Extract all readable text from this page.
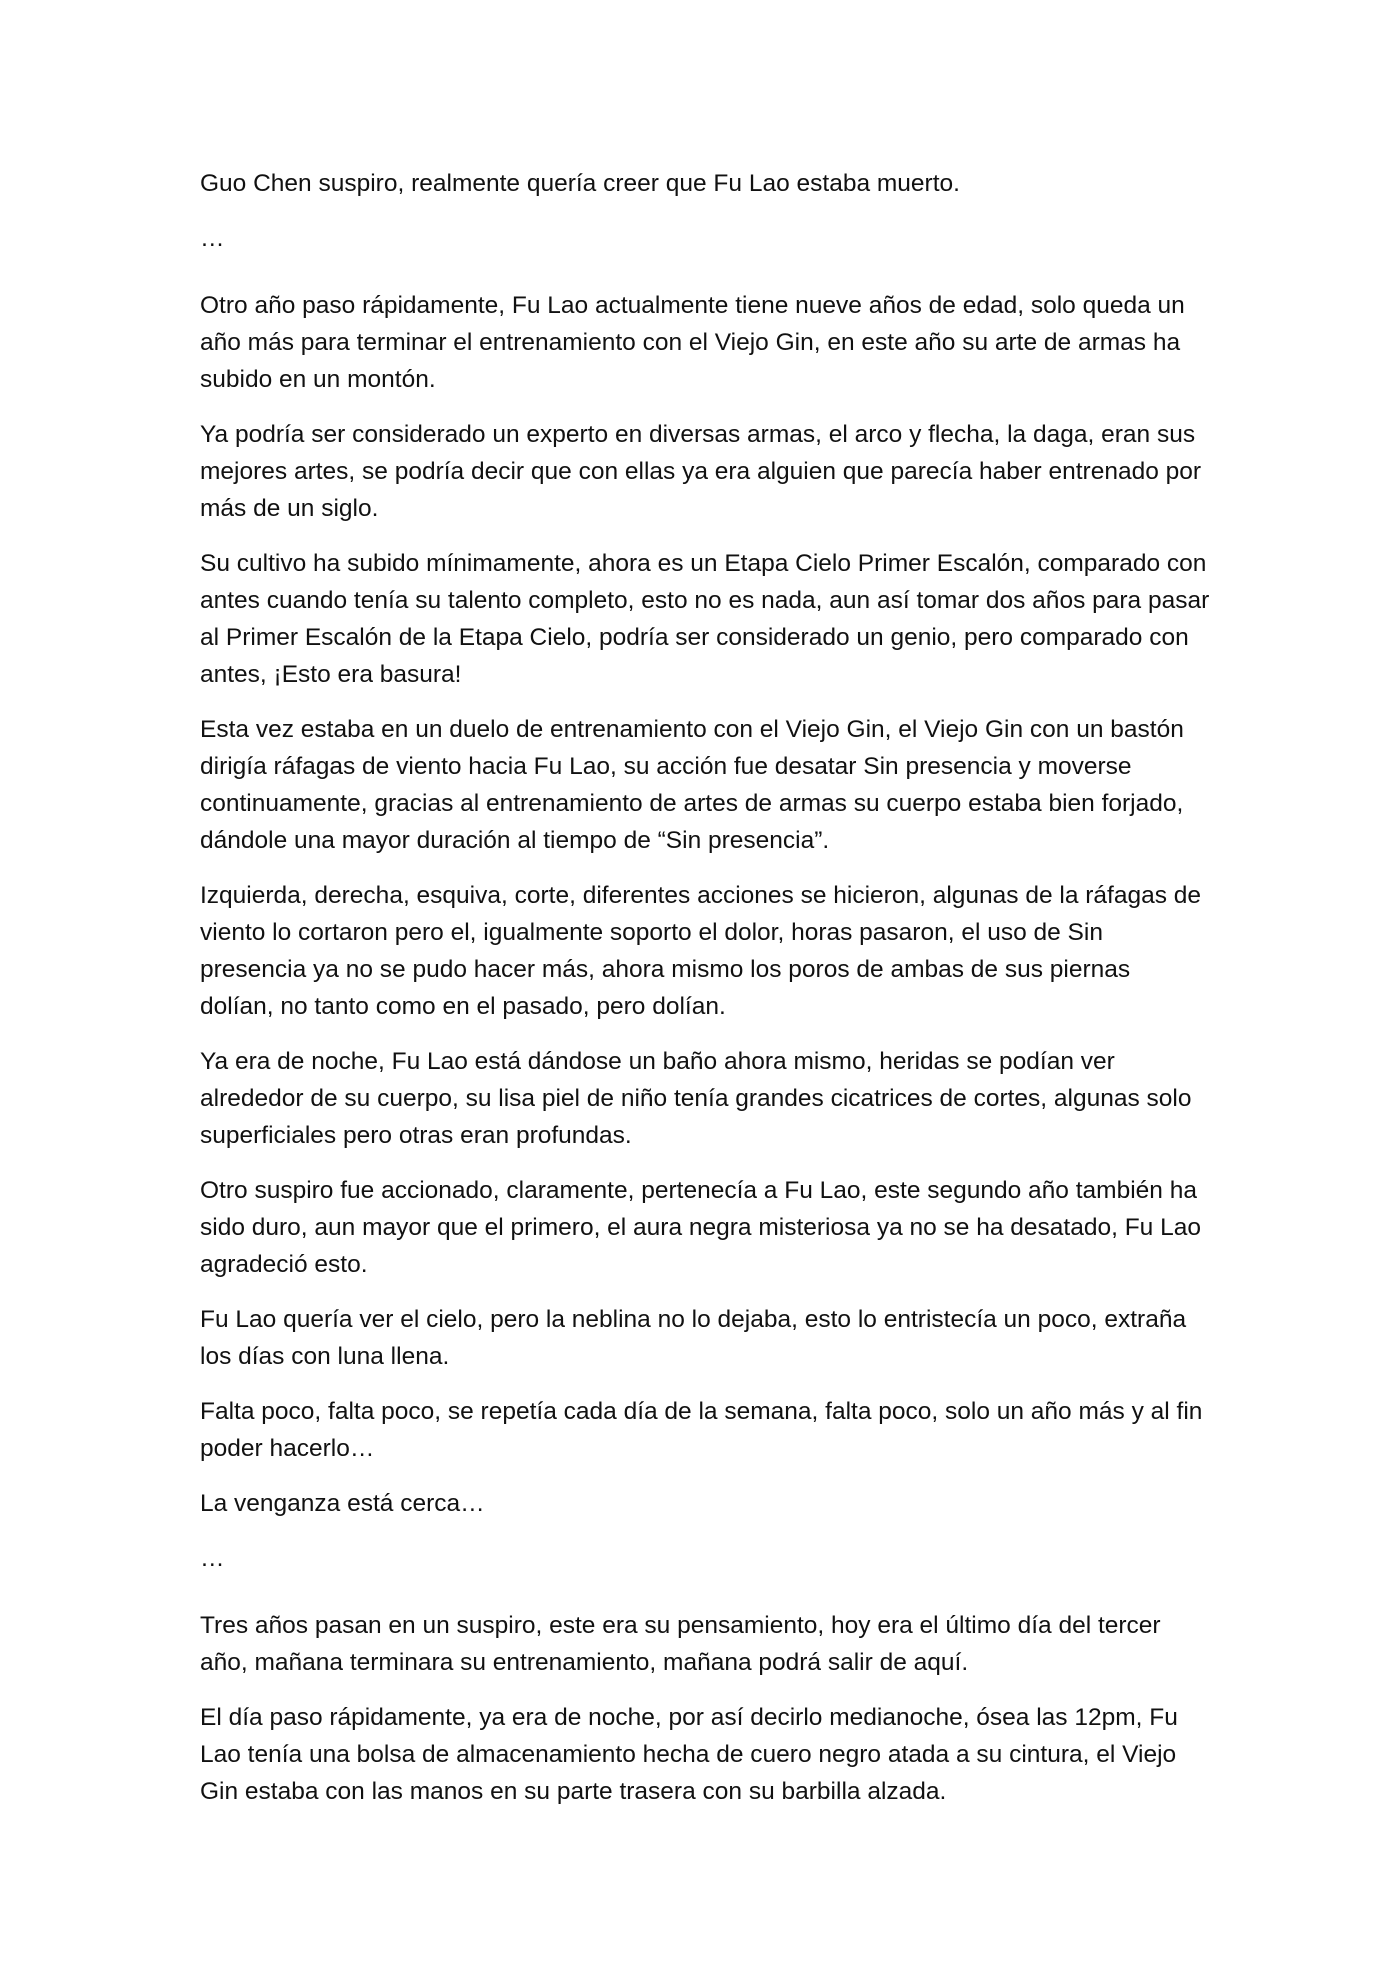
Guo Chen suspiro, realmente quería creer que Fu Lao estaba muerto.

…

Otro año paso rápidamente, Fu Lao actualmente tiene nueve años de edad, solo queda un año más para terminar el entrenamiento con el Viejo Gin, en este año su arte de armas ha subido en un montón.

Ya podría ser considerado un experto en diversas armas, el arco y flecha, la daga, eran sus mejores artes, se podría decir que con ellas ya era alguien que parecía haber entrenado por más de un siglo.

Su cultivo ha subido mínimamente, ahora es un Etapa Cielo Primer Escalón, comparado con antes cuando tenía su talento completo, esto no es nada, aun así tomar dos años para pasar al Primer Escalón de la Etapa Cielo, podría ser considerado un genio, pero comparado con antes, ¡Esto era basura!

Esta vez estaba en un duelo de entrenamiento con el Viejo Gin, el Viejo Gin con un bastón dirigía ráfagas de viento hacia Fu Lao, su acción fue desatar Sin presencia y moverse continuamente, gracias al entrenamiento de artes de armas su cuerpo estaba bien forjado, dándole una mayor duración al tiempo de “Sin presencia”.

Izquierda, derecha, esquiva, corte, diferentes acciones se hicieron, algunas de la ráfagas de viento lo cortaron pero el, igualmente soporto el dolor, horas pasaron, el uso de Sin presencia ya no se pudo hacer más, ahora mismo los poros de ambas de sus piernas dolían, no tanto como en el pasado, pero dolían.

Ya era de noche, Fu Lao está dándose un baño ahora mismo, heridas se podían ver alrededor de su cuerpo, su lisa piel de niño tenía grandes cicatrices de cortes, algunas solo superficiales pero otras eran profundas.

Otro suspiro fue accionado, claramente, pertenecía a Fu Lao, este segundo año también ha sido duro, aun mayor que el primero, el aura negra misteriosa ya no se ha desatado, Fu Lao agradeció esto.

Fu Lao quería ver el cielo, pero la neblina no lo dejaba, esto lo entristecía un poco, extraña los días con luna llena.

Falta poco, falta poco, se repetía cada día de la semana, falta poco, solo un año más y al fin poder hacerlo…

La venganza está cerca…

…

Tres años pasan en un suspiro, este era su pensamiento, hoy era el último día del tercer año, mañana terminara su entrenamiento, mañana podrá salir de aquí.

El día paso rápidamente, ya era de noche, por así decirlo medianoche, ósea las 12pm, Fu Lao tenía una bolsa de almacenamiento hecha de cuero negro atada a su cintura, el Viejo Gin estaba con las manos en su parte trasera con su barbilla alzada.
